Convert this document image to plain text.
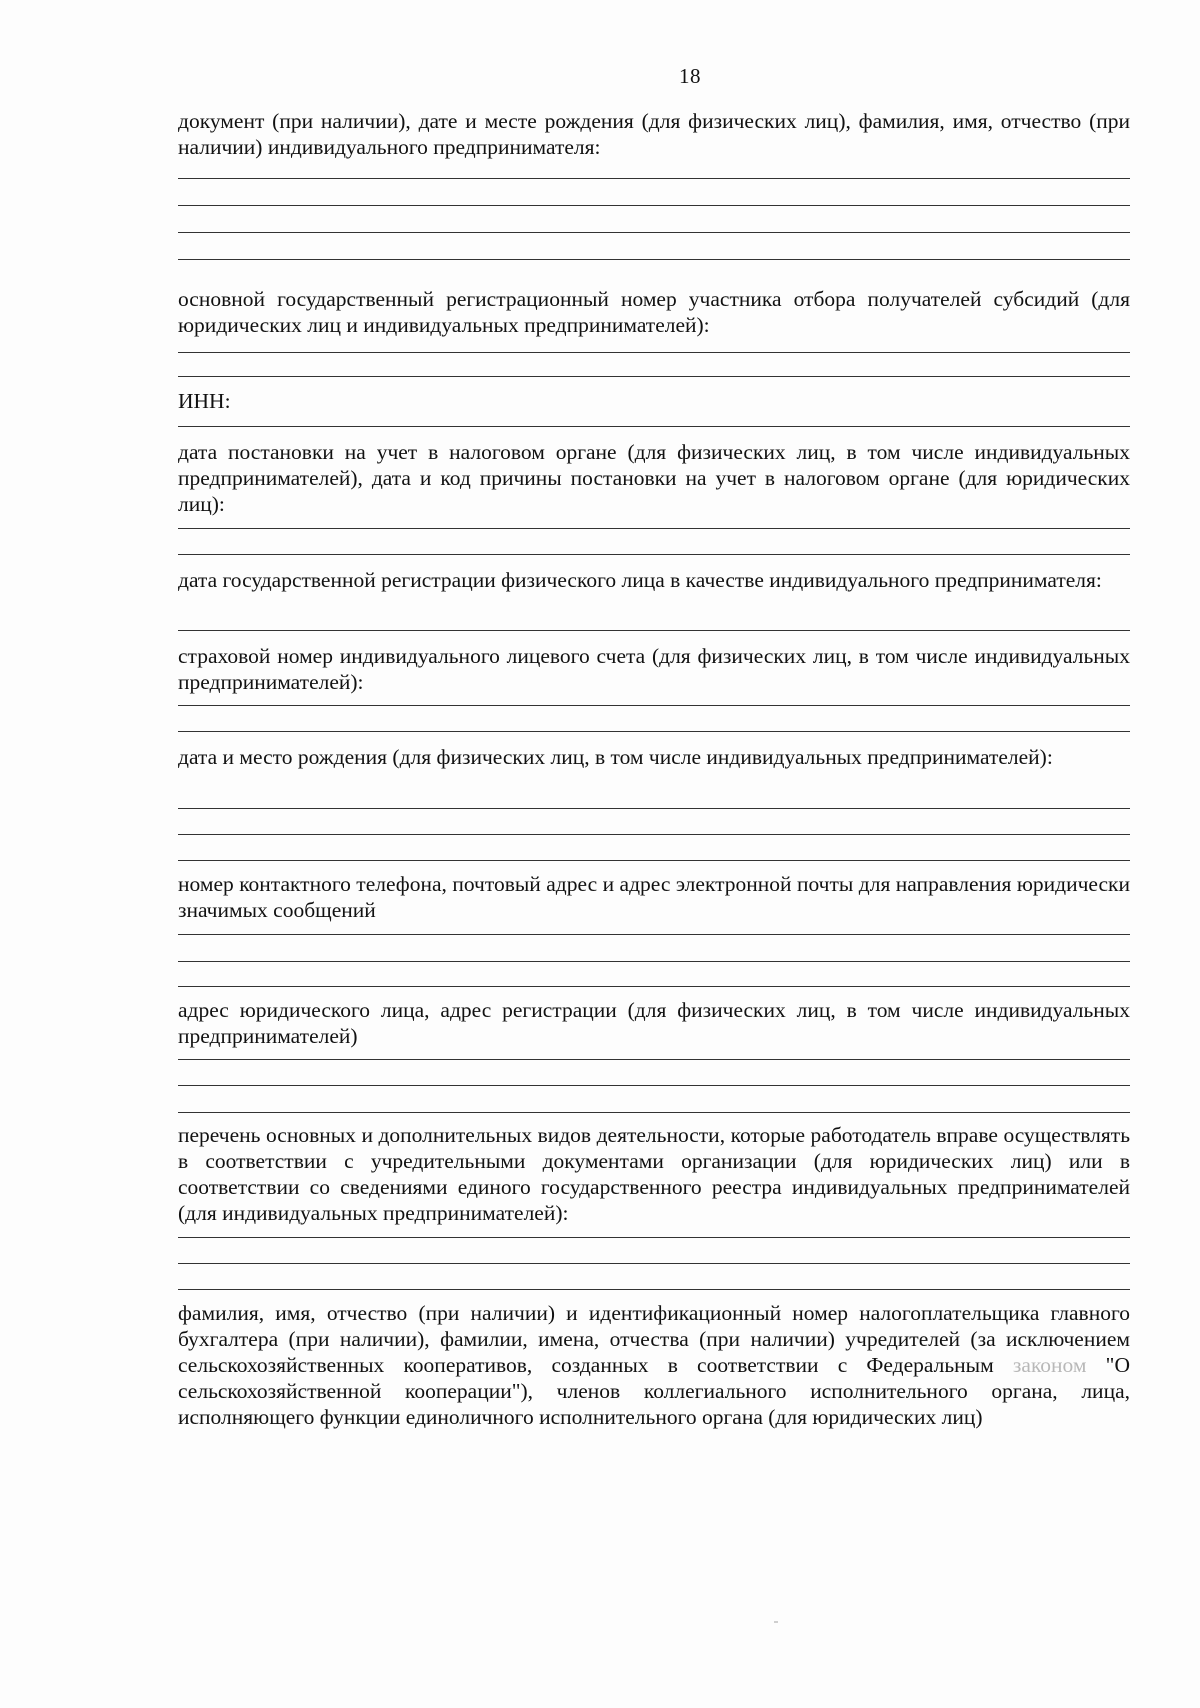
18

документ (при наличии), дате и месте рождения (для физических лиц), фамилия, имя, отчество (при наличии) индивидуального предпринимателя:

основной государственный регистрационный номер участника отбора получателей субсидий (для юридических лиц и индивидуальных предпринимателей):

ИНН:

дата постановки на учет в налоговом органе (для физических лиц, в том числе индивидуальных предпринимателей), дата и код причины постановки на учет в налоговом органе (для юридических лиц):

дата государственной регистрации физического лица в качестве индивидуального предпринимателя:

страховой номер индивидуального лицевого счета (для физических лиц, в том числе индивидуальных предпринимателей):

дата и место рождения (для физических лиц, в том числе индивидуальных предпринимателей):

номер контактного телефона, почтовый адрес и адрес электронной почты для направления юридически значимых сообщений

адрес юридического лица, адрес регистрации (для физических лиц, в том числе индивидуальных предпринимателей)

перечень основных и дополнительных видов деятельности, которые работодатель вправе осуществлять в соответствии с учредительными документами организации (для юридических лиц) или в соответствии со сведениями единого государственного реестра индивидуальных предпринимателей (для индивидуальных предпринимателей):

фамилия, имя, отчество (при наличии) и идентификационный номер налогоплательщика главного бухгалтера (при наличии), фамилии, имена, отчества (при наличии) учредителей (за исключением сельскохозяйственных кооперативов, созданных в соответствии с Федеральным законом "О сельскохозяйственной кооперации"), членов коллегиального исполнительного органа, лица, исполняющего функции единоличного исполнительного органа (для юридических лиц)
